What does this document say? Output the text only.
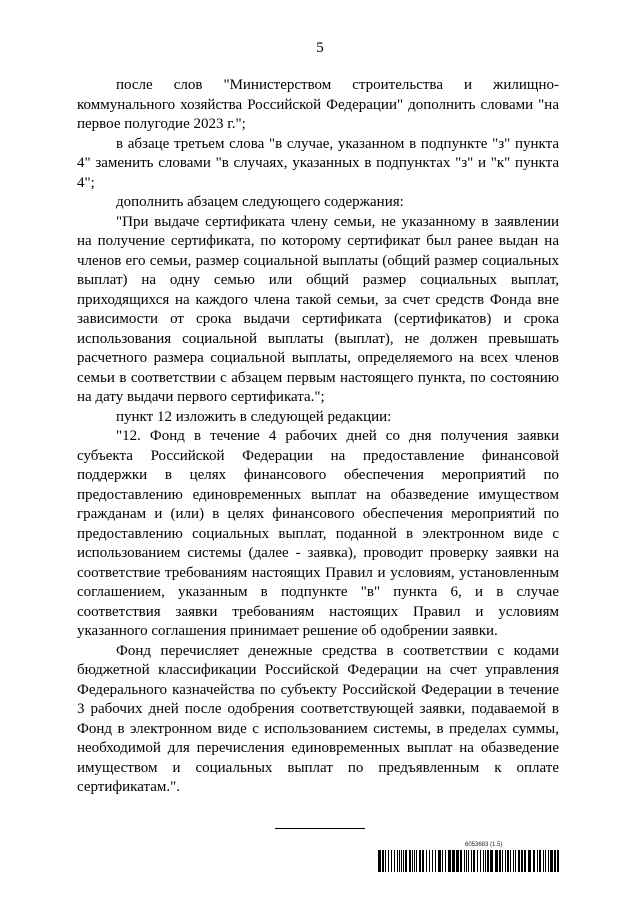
5

после слов "Министерством строительства и жилищно-коммунального хозяйства Российской Федерации" дополнить словами "на первое полугодие 2023 г.";

в абзаце третьем слова "в случае, указанном в подпункте "з" пункта 4" заменить словами "в случаях, указанных в подпунктах "з" и "к" пункта 4";

дополнить абзацем следующего содержания:

"При выдаче сертификата члену семьи, не указанному в заявлении на получение сертификата, по которому сертификат был ранее выдан на членов его семьи, размер социальной выплаты (общий размер социальных выплат) на одну семью или общий размер социальных выплат, приходящихся на каждого члена такой семьи, за счет средств Фонда вне зависимости от срока выдачи сертификата (сертификатов) и срока использования социальной выплаты (выплат), не должен превышать расчетного размера социальной выплаты, определяемого на всех членов семьи в соответствии с абзацем первым настоящего пункта, по состоянию на дату выдачи первого сертификата.";

пункт 12 изложить в следующей редакции:

"12. Фонд в течение 4 рабочих дней со дня получения заявки субъекта Российской Федерации на предоставление финансовой поддержки в целях финансового обеспечения мероприятий по предоставлению единовременных выплат на обазведение имуществом гражданам и (или) в целях финансового обеспечения мероприятий по предоставлению социальных выплат, поданной в электронном виде с использованием системы (далее - заявка), проводит проверку заявки на соответствие требованиям настоящих Правил и условиям, установленным соглашением, указанным в подпункте "в" пункта 6, и в случае соответствия заявки требованиям настоящих Правил и условиям указанного соглашения принимает решение об одобрении заявки.

Фонд перечисляет денежные средства в соответствии с кодами бюджетной классификации Российской Федерации на счет управления Федерального казначейства по субъекту Российской Федерации в течение 3 рабочих дней после одобрения соответствующей заявки, подаваемой в Фонд в электронном виде с использованием системы, в пределах суммы, необходимой для перечисления единовременных выплат на обазведение имуществом и социальных выплат по предъявленным к оплате сертификатам.".

6053683 (1.5)
